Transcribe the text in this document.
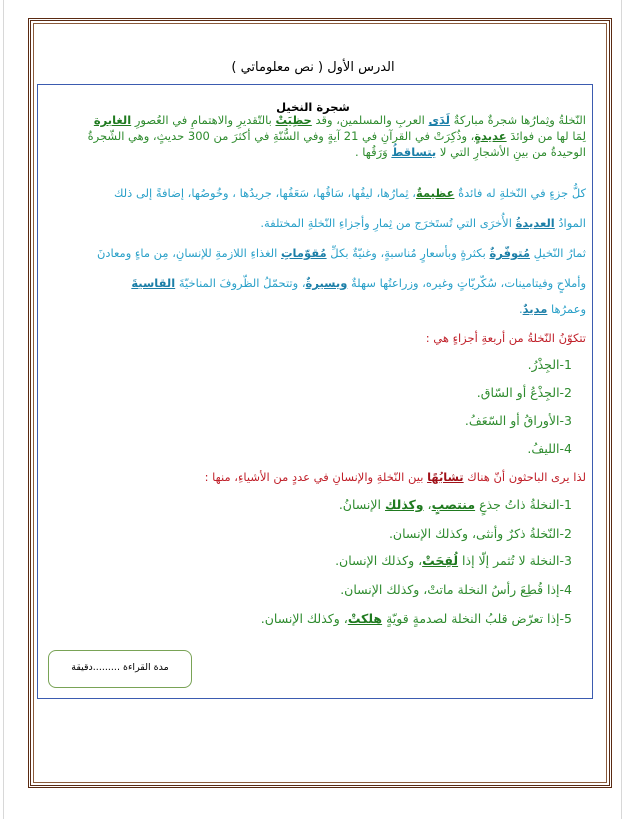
الدرس الأول ( نص معلوماتي )
شجرة النخيل
النّخلةُ وثِمارُها شجرةٌ مباركةٌ لَدَى العربِ والمسلمين، وقد حظِيَتْ بالتّقديرِ والاهتمامِ في العُصورِ الغابرة
لِمَا لها من فوائدَ عديدةٍ، وذُكِرَتْ في القرآنِ في 21 آيةٍ وفي السُّنّةِ في أكثرَ من 300 حديثٍ، وهي الشّجرةُ
الوحيدةُ من بينِ الأشجارِ التي لا يتساقطُ وَرَقُها .
كلُّ جزءٍ في النّخلةِ له فائدةٌ عظيمةٌ، ثِمارُها، ليفُها، سَاقُها، سَعَفُها، جريدُها ، وخُوصُها، إضافةً إلى ذلك
الموادُ العديدةُ الأُخرَى التي تُستَخرَج من ثِمارِ وأجزاءِ النّخلةِ المختلفة.
ثمارُ النّخيلِ مُتوفّرةٌ بكثرةٍ وبأسعارٍ مُناسبةٍ، وغنيّةٌ بكلِّ مُقوّماتِ الغذاءِ اللازمةِ للإنسانِ، مِن ماءٍ ومعادنَ
وأملاحٍ وفيتامينات، سُكّريّاتٍ وغيره، وزراعتُها سهلةٌ ويسيرةٌ، وتتحمّلُ الظّروفَ المناخيّةَ القاسيةَ
وعمرُها مديدٌ.
تتكوّنُ النّخلةُ من أربعةِ أجزاءٍ هي :
1-الجِذْرُ.
2-الجِذْعُ أو السّاق.
3-الأوراقُ أو السّعَفُ.
4-الليفُ.
لذا يرى الباحثون أنّ هناك تشابُهًا بين النّخلةِ والإنسانِ في عددٍ من الأشياءِ، منها :
1-النخلةُ ذاتُ جذعٍ منتصبٍ، وكذلك الإنسانُ.
2-النّخلةُ ذكرٌ وأنثى، وكذلك الإنسان.
3-النخلة لا تُثمر إلّا إذا لُقِحَتْ، وكذلك الإنسان.
4-إذا قُطِعَ رأسُ النخلة ماتتْ، وكذلك الإنسان.
5-إذا تعرّض قلبُ النخلة لصدمةٍ قويّةٍ هلكتْ، وكذلك الإنسان.
مدة القراءة .........دقيقة
